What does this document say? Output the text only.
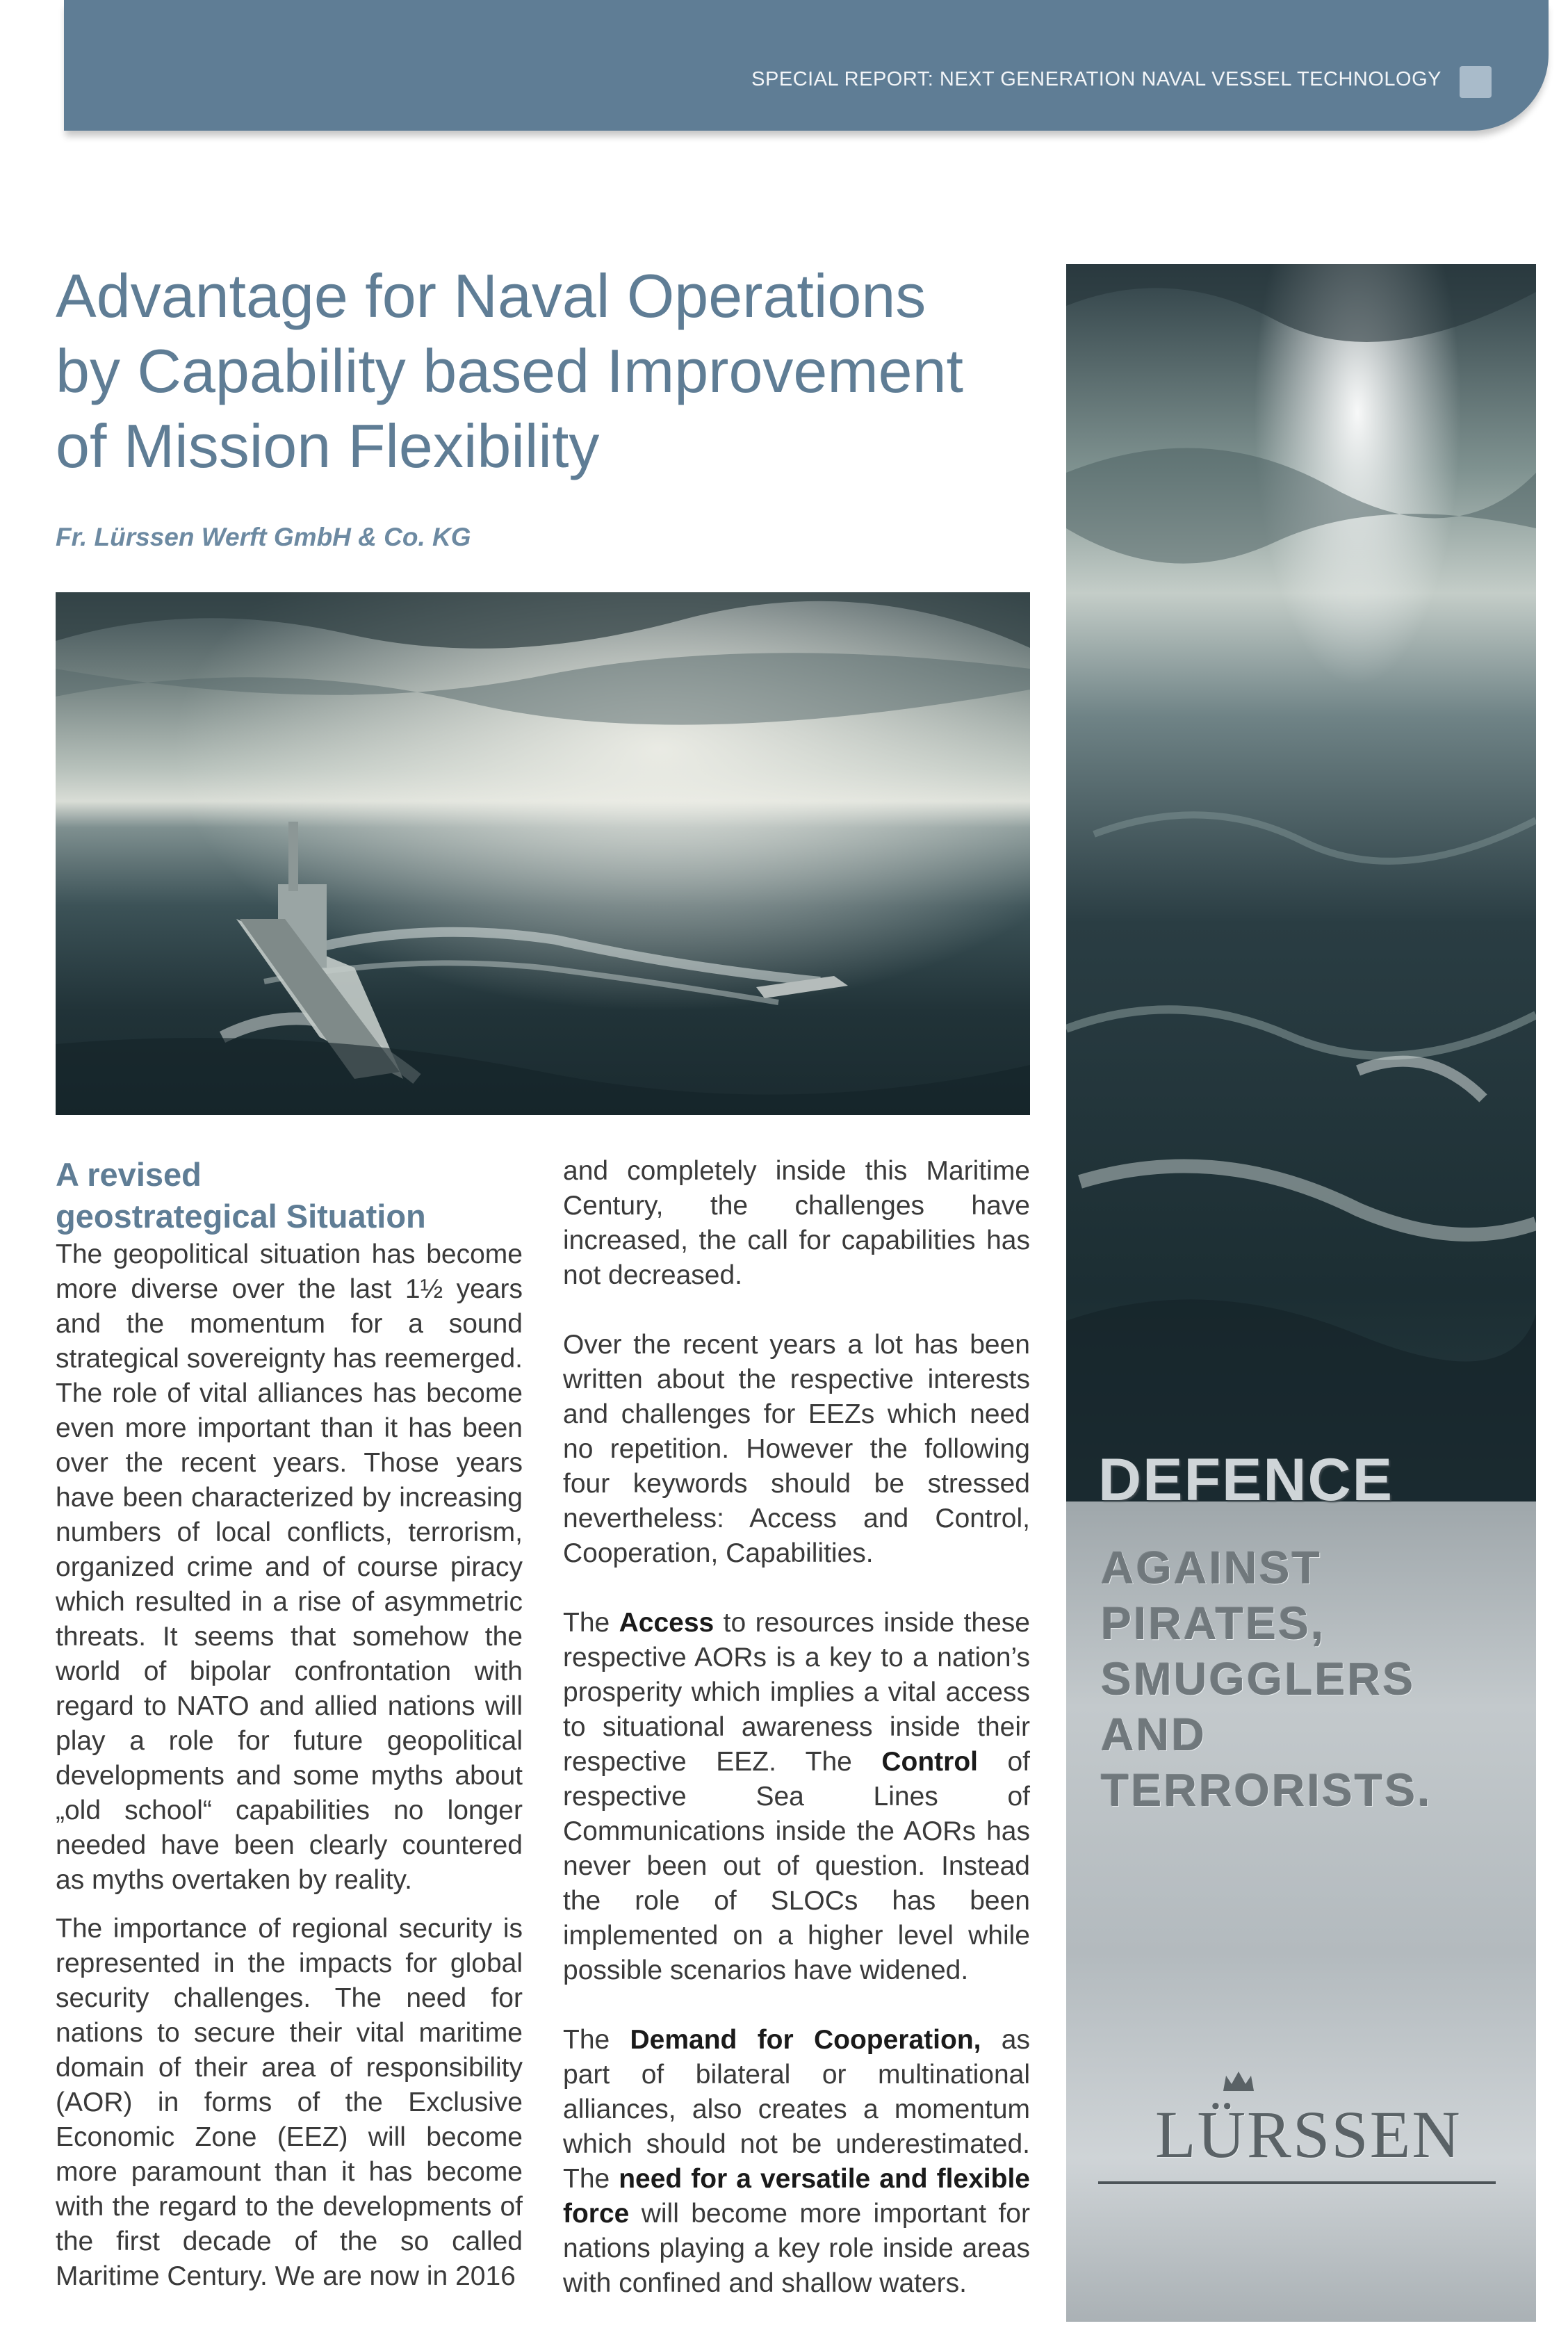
SPECIAL REPORT: NEXT GENERATION NAVAL VESSEL TECHNOLOGY
Advantage for Naval Operations
by Capability based Improvement
of Mission Flexibility
Fr. Lürssen Werft GmbH & Co. KG
A revised
geostrategical Situation

The geopolitical situation has become more diverse over the last 1½ years and the momentum for a sound strategical sovereignty has reemerged. The role of vital alliances has become even more important than it has been over the recent years. Those years have been characterized by increasing numbers of local conflicts, terrorism, organized crime and of course piracy which resulted in a rise of asymmetric threats. It seems that somehow the world of bipolar confrontation with regard to NATO and allied nations will play a role for future geopolitical developments and some myths about „old school“ capabilities no longer needed have been clearly countered as myths overtaken by reality.

The importance of regional security is represented in the impacts for global security challenges. The need for nations to secure their vital maritime domain of their area of responsibility (AOR) in forms of the Exclusive Economic Zone (EEZ) will become more paramount than it has become with the regard to the developments of the first decade of the so called Maritime Century. We are now in 2016

and completely inside this Maritime Century, the challenges have increased, the call for capabilities has not decreased.

Over the recent years a lot has been written about the respective interests and challenges for EEZs which need no repetition. However the following four keywords should be stressed nevertheless: Access and Control, Cooperation, Capabilities.

The Access to resources inside these respective AORs is a key to a nation’s prosperity which implies a vital access to situational awareness inside their respective EEZ. The Control of respective Sea Lines of Communications inside the AORs has never been out of question. Instead the role of SLOCs has been implemented on a higher level while possible scenarios have widened.

The Demand for Cooperation, as part of bilateral or multinational alliances, also creates a momentum which should not be underestimated. The need for a versatile and flexible force will become more important for nations playing a key role inside areas with confined and shallow waters.

DEFENCE
AGAINST
PIRATES,
SMUGGLERS
AND
TERRORISTS.
LÜRSSEN
